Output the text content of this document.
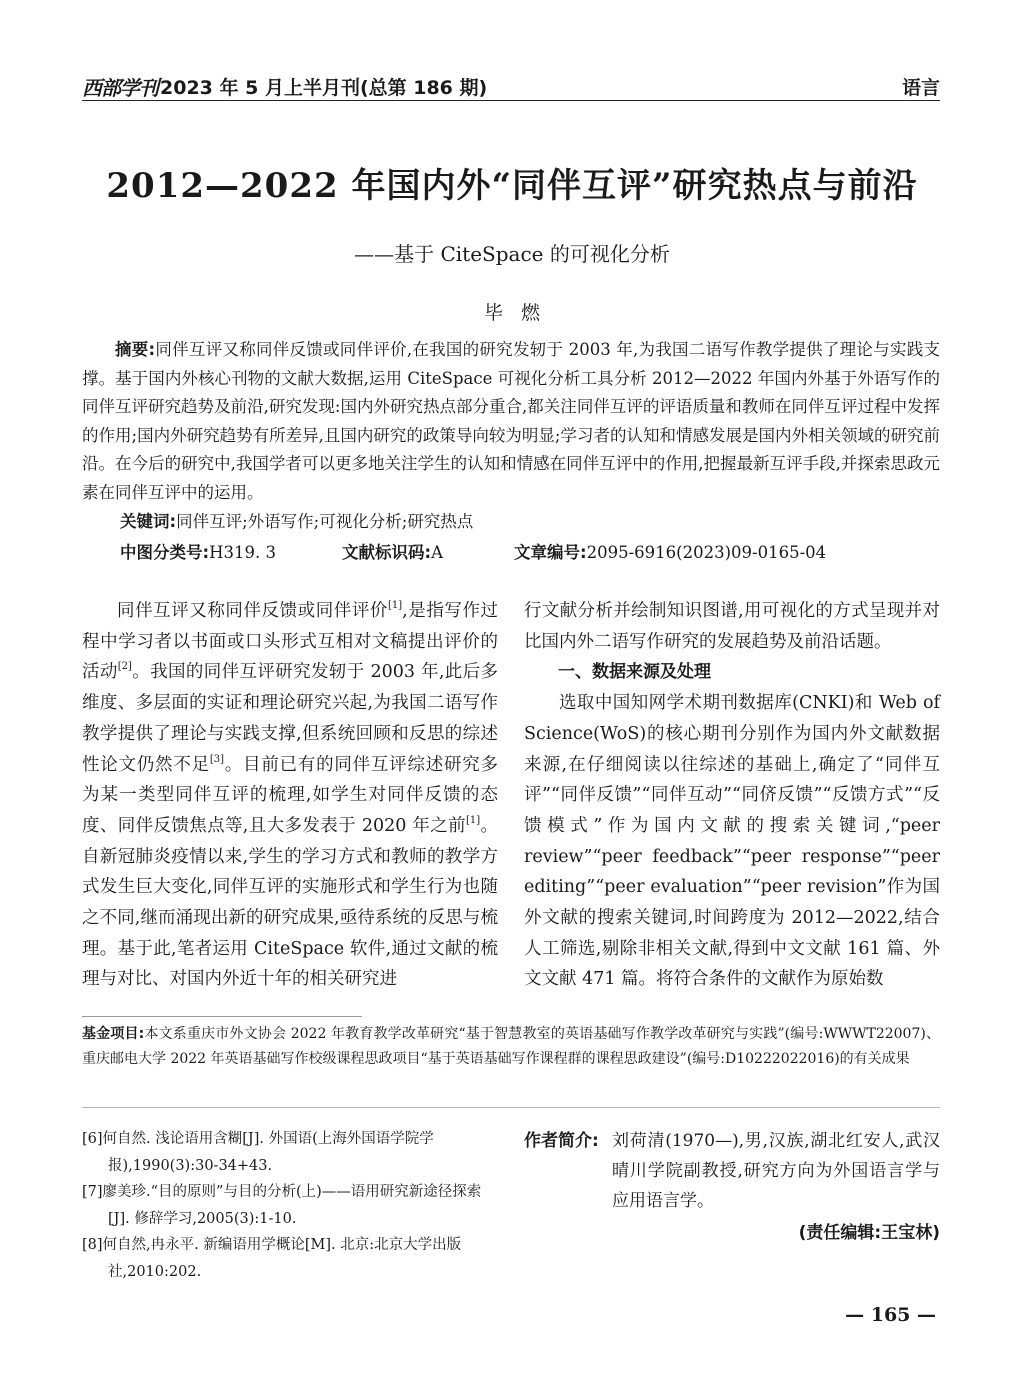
西部学刊 2023 年 5 月上半月刊(总第 186 期)	语言
2012—2022 年国内外“同伴互评”研究热点与前沿
——基于 CiteSpace 的可视化分析
毕燃
摘要:同伴互评又称同伴反馈或同伴评价,在我国的研究发轫于 2003 年,为我国二语写作教学提供了理论与实践支撑。基于国内外核心刊物的文献大数据,运用 CiteSpace 可视化分析工具分析 2012—2022 年国内外基于外语写作的同伴互评研究趋势及前沿,研究发现:国内外研究热点部分重合,都关注同伴互评的评语质量和教师在同伴互评过程中发挥的作用;国内外研究趋势有所差异,且国内研究的政策导向较为明显;学习者的认知和情感发展是国内外相关领域的研究前沿。在今后的研究中,我国学者可以更多地关注学生的认知和情感在同伴互评中的作用,把握最新互评手段,并探索思政元素在同伴互评中的运用。
关键词:同伴互评;外语写作;可视化分析;研究热点
中图分类号:H319. 3	文献标识码:A	文章编号:2095-6916(2023)09-0165-04

同伴互评又称同伴反馈或同伴评价[1],是指写作过程中学习者以书面或口头形式互相对文稿提出评价的活动[2]。我国的同伴互评研究发轫于 2003 年,此后多维度、多层面的实证和理论研究兴起,为我国二语写作教学提供了理论与实践支撑,但系统回顾和反思的综述性论文仍然不足[3]。目前已有的同伴互评综述研究多为某一类型同伴互评的梳理,如学生对同伴反馈的态度、同伴反馈焦点等,且大多发表于 2020 年之前[1]。自新冠肺炎疫情以来,学生的学习方式和教师的教学方式发生巨大变化,同伴互评的实施形式和学生行为也随之不同,继而涌现出新的研究成果,亟待系统的反思与梳理。基于此,笔者运用 CiteSpace 软件,通过文献的梳理与对比、对国内外近十年的相关研究进

行文献分析并绘制知识图谱,用可视化的方式呈现并对比国内外二语写作研究的发展趋势及前沿话题。

一、数据来源及处理

选取中国知网学术期刊数据库(CNKI)和 Web of Science(WoS)的核心期刊分别作为国内外文献数据来源,在仔细阅读以往综述的基础上,确定了“同伴互评”“同伴反馈”“同伴互动”“同侪反馈”“反馈方式”“反馈模式”作为国内文献的搜索关键词,“peer review”“peer feedback”“peer response”“peer editing”“peer evaluation”“peer revision”作为国外文献的搜索关键词,时间跨度为 2012—2022,结合人工筛选,剔除非相关文献,得到中文文献 161 篇、外文文献 471 篇。将符合条件的文献作为原始数

基金项目:本文系重庆市外文协会 2022 年教育教学改革研究“基于智慧教室的英语基础写作教学改革研究与实践”(编号:WWWT22007)、重庆邮电大学 2022 年英语基础写作校级课程思政项目“基于英语基础写作课程群的课程思政建设”(编号:D10222022016)的有关成果

[6]何自然. 浅论语用含糊[J]. 外国语(上海外国语学院学报),1990(3):30-34+43.

[7]廖美珍.“目的原则”与目的分析(上)——语用研究新途径探索[J]. 修辞学习,2005(3):1-10.

[8]何自然,冉永平. 新编语用学概论[M]. 北京:北京大学出版社,2010:202.

作者简介: 刘荷清(1970—),男,汉族,湖北红安人,武汉晴川学院副教授,研究方向为外国语言学与应用语言学。
(责任编辑:王宝林)
— 165 —
